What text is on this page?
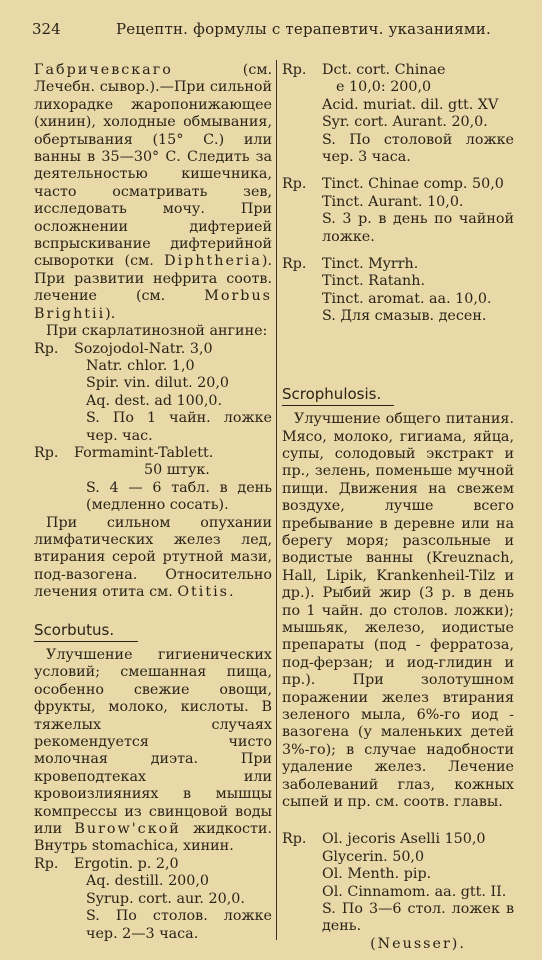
324	Рецептн. формулы с терапевтич. указаниями.

Габричевскаго	(см. Лечебн. сывор.).—При сильной лихорадке жаропонижающее (хинин), холодные обмывания, обертывания (15° С.) или ванны в 35—30° С. Следить за деятельностью кишечника, часто осматривать зев, исследовать мочу. При осложнении дифтерией вспрыскивание дифтерийной сыворотки (см. Diphtheria). При развитии нефрита соотв. лечение (см.	Morbus Brightii).

При скарлатинозной ангине:

Rp.	Sozojodol-Natr. 3,0

Natr. chlor. 1,0

Spir. vin. dilut. 20,0

Aq. dest. ad 100,0.

S. По 1 чайн. ложке чер. час.

Rp.	Formamint-Tablett.

50 штук.

S. 4 — 6 табл. в день (медленно сосать).

При сильном опухании лимфатических желез лед, втирания серой ртутной мази, под-вазогена. Относительно лечения отита см. Otitis.

Scorbutus.

Улучшение гигиенических условий; смешанная пища, особенно свежие овощи, фрукты, молоко, кислоты. В тяжелых случаях рекомендуется чисто молочная диэта. При кровеподтеках или кровоизлияниях в мышцы компрессы из свинцовой воды или Burow'ской жидкости. Внутрь stomachica, хинин.

Rp.	Ergotin. p. 2,0

Aq. destill. 200,0

Syrup. cort. aur. 20,0.

S. По столов. ложке чер. 2—3 часа.

Rp.	Dct. cort. Chinae

e 10,0: 200,0

Acid. muriat. dil. gtt. XV

Syr. cort. Aurant. 20,0.

S. По столовой ложке чер. 3 часа.

Rp.	Tinct. Chinae comp. 50,0

Tinct. Aurant. 10,0.

S. 3 р. в день по чайной ложке.

Rp.	Tinct. Myrrh.

Tinct. Ratanh.

Tinct. aromat. aa. 10,0.

S. Для смазыв. десен.

Scrophulosis.

Улучшение общего питания. Мясо, молоко, гигиама, яйца, супы, солодовый экстракт и пр., зелень, поменьше мучной пищи. Движения на свежем воздухе, лучше всего пребывание в деревне или на берегу моря; разсольные и водистые ванны (Kreuznach, Hall, Lipik, Krankenheil-Tilz и др.). Рыбий жир (3 р. в день по 1 чайн. до столов. ложки); мышьяк, железо, иодистые препараты (под - ферратоза, под-ферзан; и иод-глидин и пр.). При золотушном поражении желез втирания зеленого мыла, 6%-го иод - вазогена (у маленьких детей 3%-го); в случае надобности удаление желез. Лечение заболеваний глаз, кожных сыпей и пр. см. соотв. главы.

Rp.	Ol. jecoris Aselli 150,0

Glycerin. 50,0

Ol. Menth. pip.

Ol. Cinnamom. aa. gtt. II.

S. По 3—6 стол. ложек в день.

(Neusser).
